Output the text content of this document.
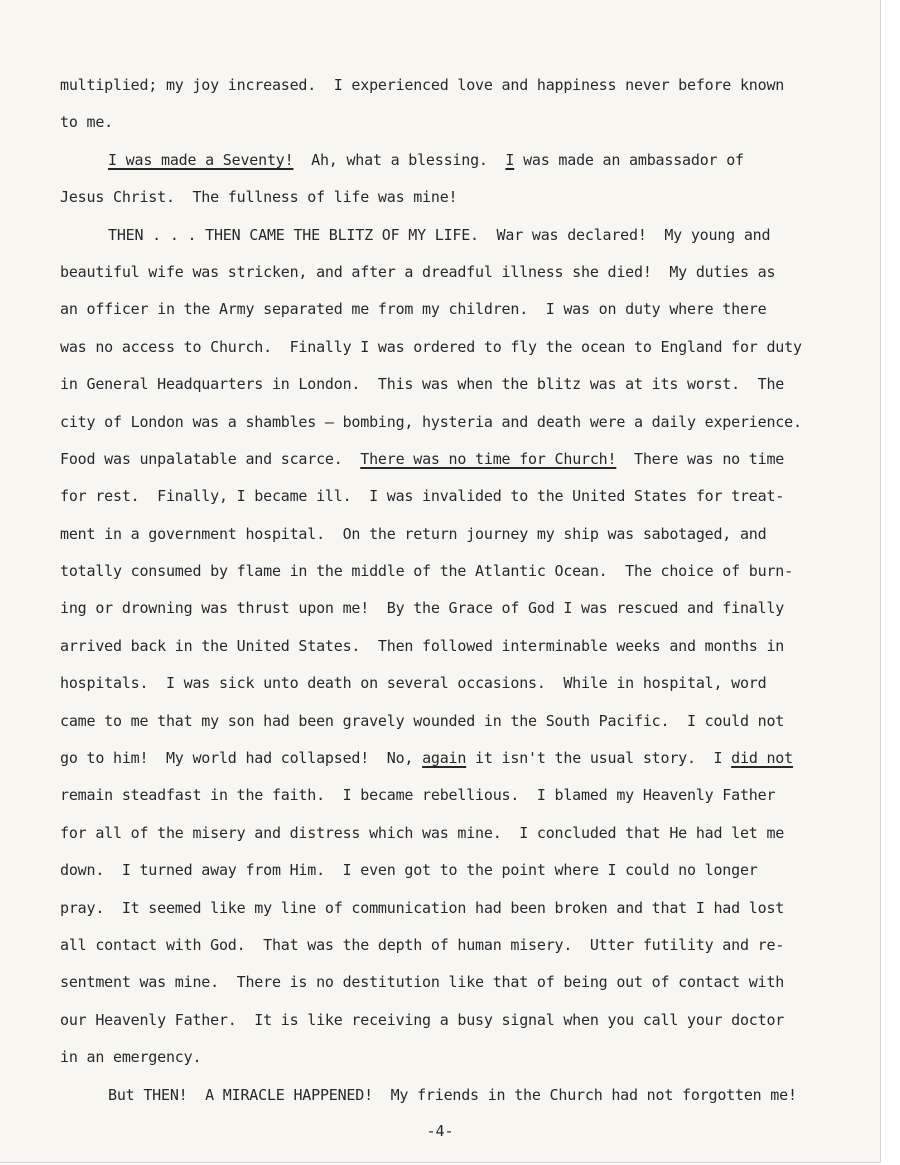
multiplied; my joy increased.  I experienced love and happiness never before known
to me.
I was made a Seventy!  Ah, what a blessing.  I was made an ambassador of
Jesus Christ.  The fullness of life was mine!
THEN . . . THEN CAME THE BLITZ OF MY LIFE.  War was declared!  My young and
beautiful wife was stricken, and after a dreadful illness she died!  My duties as
an officer in the Army separated me from my children.  I was on duty where there
was no access to Church.  Finally I was ordered to fly the ocean to England for duty
in General Headquarters in London.  This was when the blitz was at its worst.  The
city of London was a shambles — bombing, hysteria and death were a daily experience.
Food was unpalatable and scarce.  There was no time for Church!  There was no time
for rest.  Finally, I became ill.  I was invalided to the United States for treat-
ment in a government hospital.  On the return journey my ship was sabotaged, and
totally consumed by flame in the middle of the Atlantic Ocean.  The choice of burn-
ing or drowning was thrust upon me!  By the Grace of God I was rescued and finally
arrived back in the United States.  Then followed interminable weeks and months in
hospitals.  I was sick unto death on several occasions.  While in hospital, word
came to me that my son had been gravely wounded in the South Pacific.  I could not
go to him!  My world had collapsed!  No, again it isn't the usual story.  I did not
remain steadfast in the faith.  I became rebellious.  I blamed my Heavenly Father
for all of the misery and distress which was mine.  I concluded that He had let me
down.  I turned away from Him.  I even got to the point where I could no longer
pray.  It seemed like my line of communication had been broken and that I had lost
all contact with God.  That was the depth of human misery.  Utter futility and re-
sentment was mine.  There is no destitution like that of being out of contact with
our Heavenly Father.  It is like receiving a busy signal when you call your doctor
in an emergency.
But THEN!  A MIRACLE HAPPENED!  My friends in the Church had not forgotten me!
-4-
